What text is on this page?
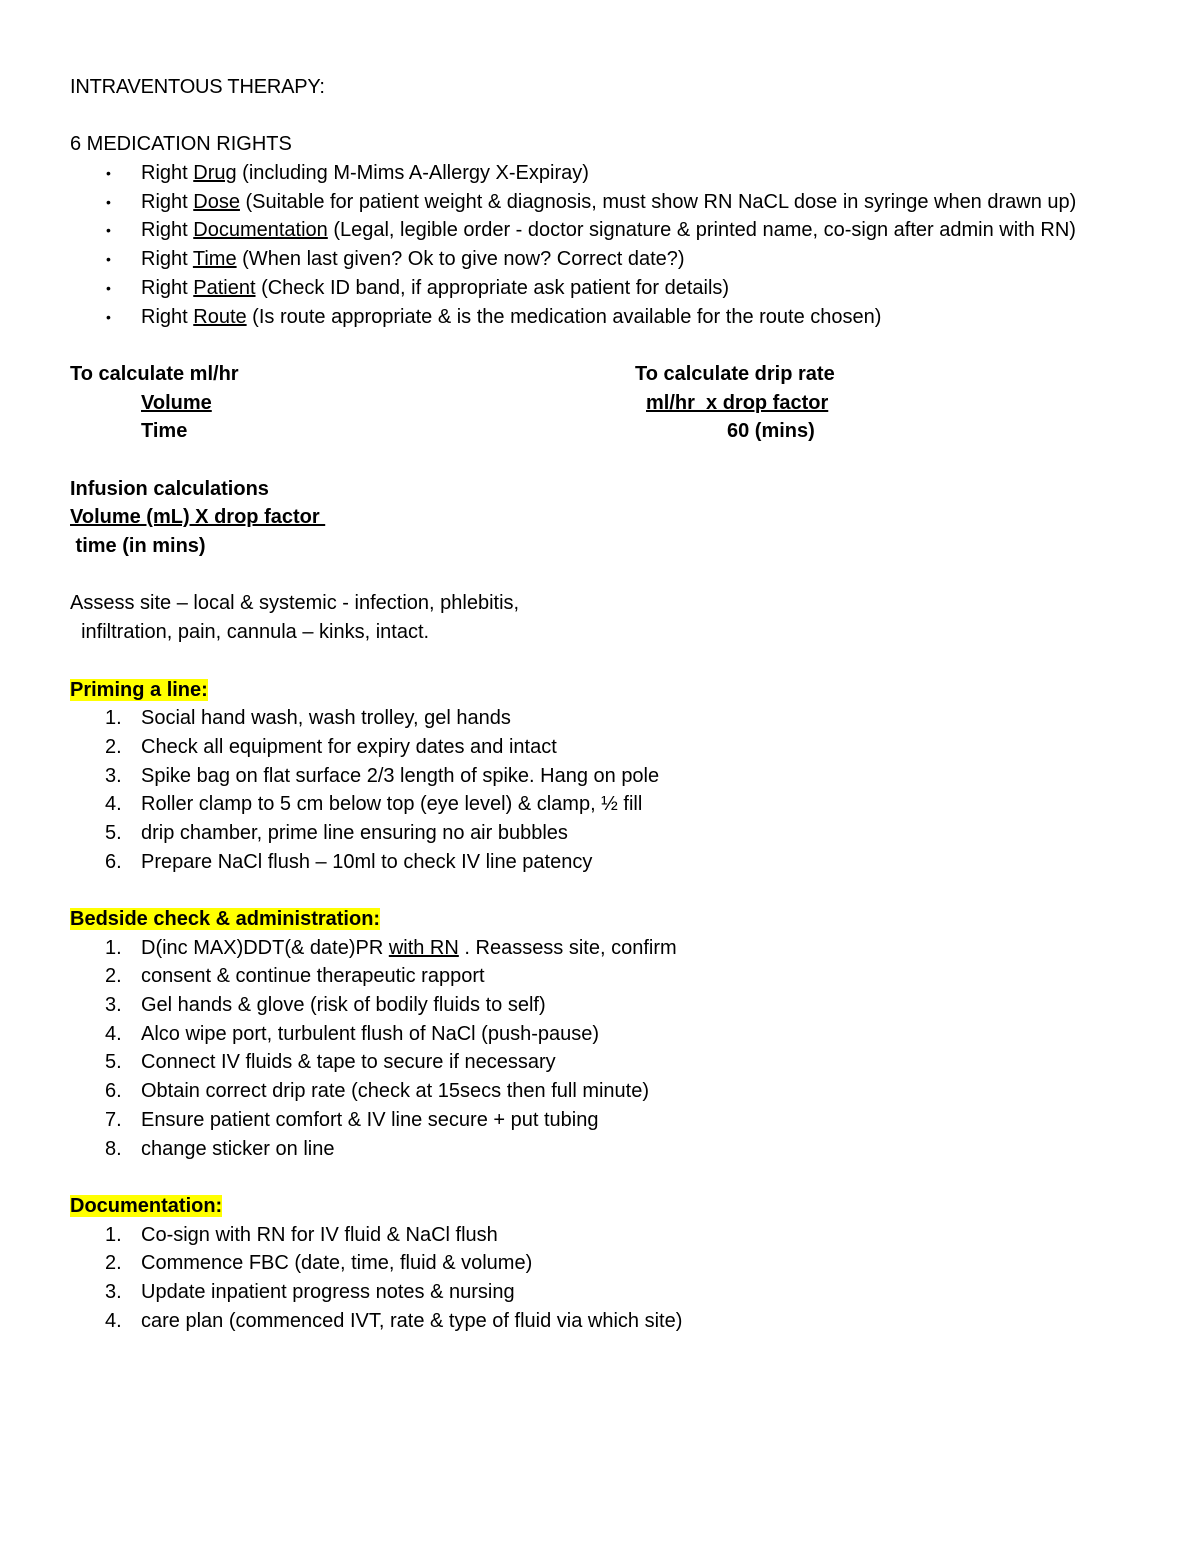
INTRAVENTOUS THERAPY:
6 MEDICATION RIGHTS
• Right Drug (including M-Mims A-Allergy X-Expiray)
• Right Dose (Suitable for patient weight & diagnosis, must show RN NaCL dose in syringe when drawn up)
• Right Documentation (Legal, legible order - doctor signature & printed name, co-sign after admin with RN)
• Right Time (When last given? Ok to give now? Correct date?)
• Right Patient (Check ID band, if appropriate ask patient for details)
• Right Route (Is route appropriate & is the medication available for the route chosen)
To calculate ml/hr	To calculate drip rate
Volume	ml/hr  x drop factor
Time	60 (mins)
Infusion calculations
Volume (mL) X drop factor
time (in mins)
Assess site – local & systemic - infection, phlebitis,
infiltration, pain, cannula – kinks, intact.
Priming a line:
1. Social hand wash, wash trolley, gel hands
2. Check all equipment for expiry dates and intact
3. Spike bag on flat surface 2/3 length of spike. Hang on pole
4. Roller clamp to 5 cm below top (eye level) & clamp, ½ fill
5. drip chamber, prime line ensuring no air bubbles
6. Prepare NaCl flush – 10ml to check IV line patency
Bedside check & administration:
1. D(inc MAX)DDT(& date)PR with RN . Reassess site, confirm
2. consent & continue therapeutic rapport
3. Gel hands & glove (risk of bodily fluids to self)
4. Alco wipe port, turbulent flush of NaCl (push-pause)
5. Connect IV fluids & tape to secure if necessary
6. Obtain correct drip rate (check at 15secs then full minute)
7. Ensure patient comfort & IV line secure + put tubing
8. change sticker on line
Documentation:
1. Co-sign with RN for IV fluid & NaCl flush
2. Commence FBC (date, time, fluid & volume)
3. Update inpatient progress notes & nursing
4. care plan (commenced IVT, rate & type of fluid via which site)
